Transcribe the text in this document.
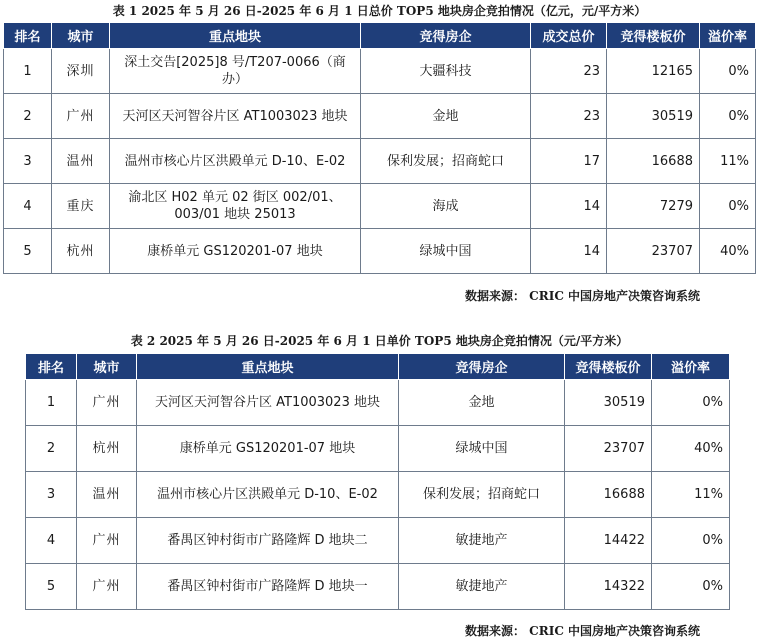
表 1 2025 年 5 月 26 日-2025 年 6 月 1 日总价 TOP5 地块房企竞拍情况（亿元，元/平方米）
排名	城市	重点地块	竞得房企	成交总价	竞得楼板价	溢价率
1	深圳	深土交告[2025]8 号/T207-0066（商办）	大疆科技	23	12165	0%
2	广州	天河区天河智谷片区 AT1003023 地块	金地	23	30519	0%
3	温州	温州市核心片区洪殿单元 D-10、E-02	保利发展；招商蛇口	17	16688	11%
4	重庆	渝北区 H02 单元 02 街区 002/01、003/01 地块 25013	海成	14	7279	0%
5	杭州	康桥单元 GS120201-07 地块	绿城中国	14	23707	40%
数据来源： CRIC 中国房地产决策咨询系统
表 2 2025 年 5 月 26 日-2025 年 6 月 1 日单价 TOP5 地块房企竞拍情况（元/平方米）
排名	城市	重点地块	竞得房企	竞得楼板价	溢价率
1	广州	天河区天河智谷片区 AT1003023 地块	金地	30519	0%
2	杭州	康桥单元 GS120201-07 地块	绿城中国	23707	40%
3	温州	温州市核心片区洪殿单元 D-10、E-02	保利发展；招商蛇口	16688	11%
4	广州	番禺区钟村街市广路隆辉 D 地块二	敏捷地产	14422	0%
5	广州	番禺区钟村街市广路隆辉 D 地块一	敏捷地产	14322	0%
数据来源： CRIC 中国房地产决策咨询系统
